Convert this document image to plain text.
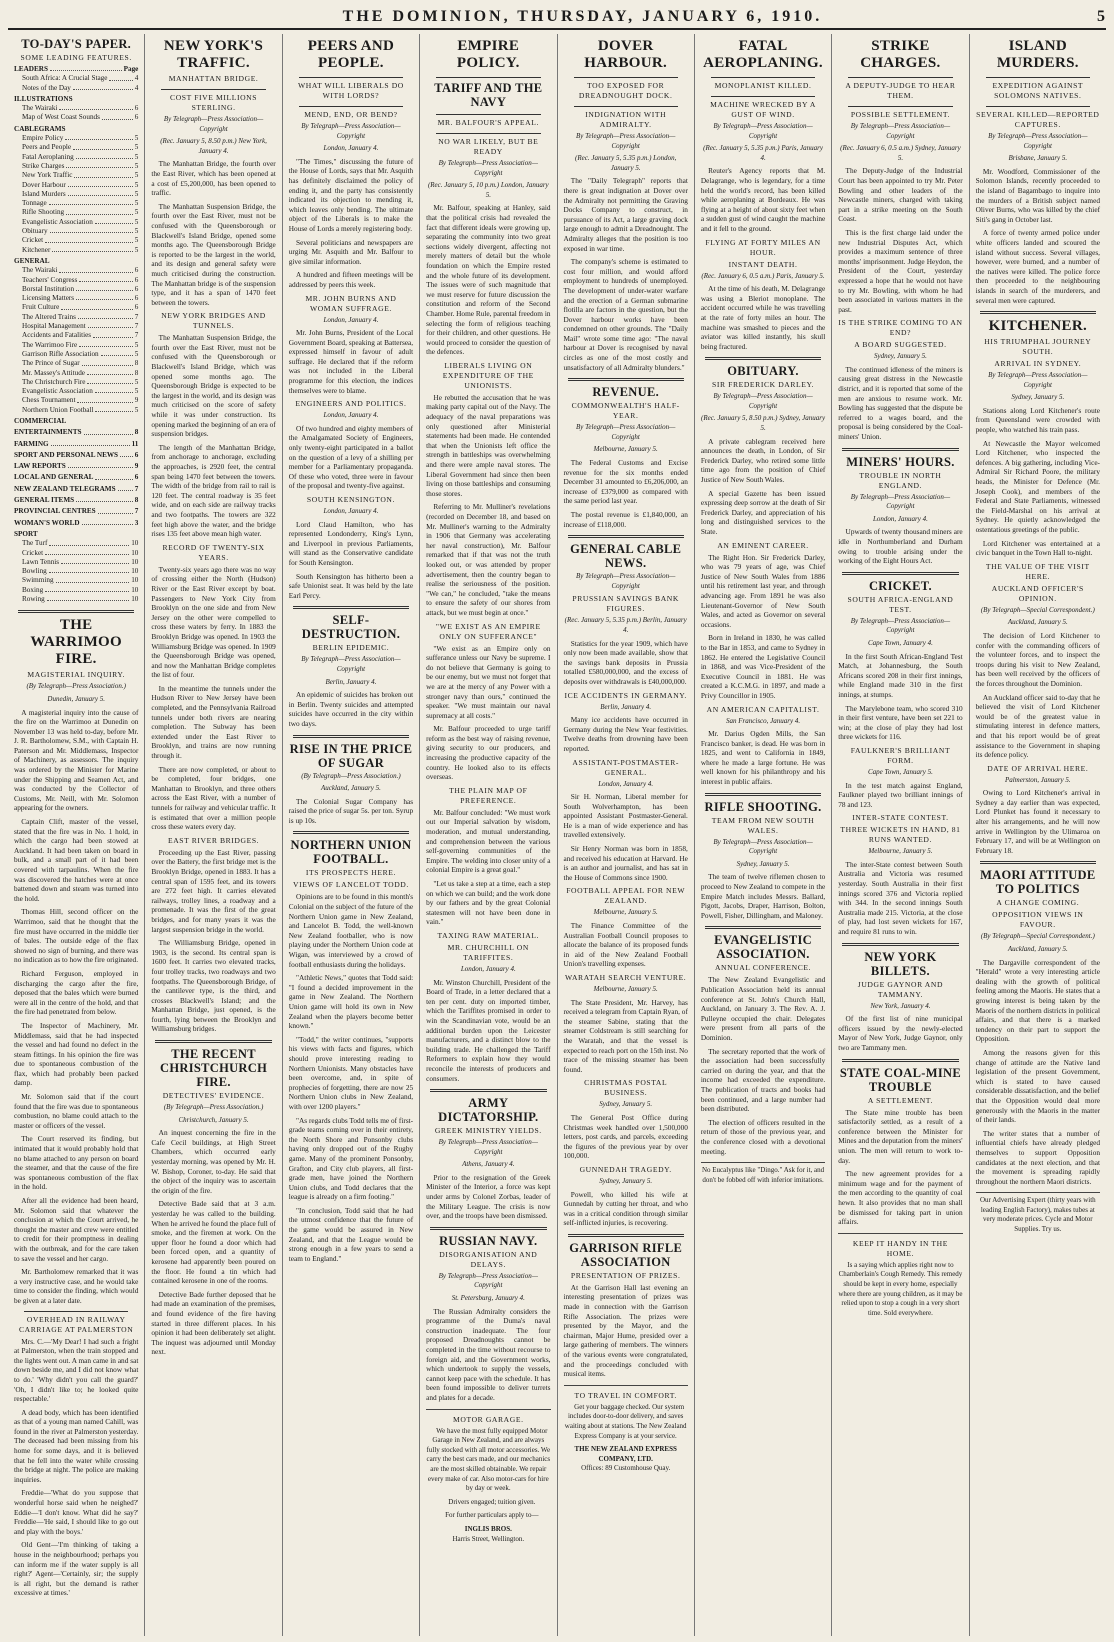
THE DOMINION, THURSDAY, JANUARY 6, 1910.	5
TO-DAY'S PAPER.
SOME LEADING FEATURES.
LEADERS	Page
South Africa: A Crucial Stage	4
Notes of the Day	4
ILLUSTRATIONS
The Wairaki	6
Map of West Coast Sounds	6
CABLEGRAMS
Empire Policy	5
Peers and People	5
Fatal Aeroplaning	5
Strike Charges	5
New York Traffic	5
Dover Harbour	5
Island Murders	5
Tonnage	5
Rifle Shooting	5
Evangelistic Association	5
Obituary	5
Cricket	5
Kitchener	5
GENERAL
The Wairaki	6
Teachers' Congress	6
Borstal Institution	6
Licensing Matters	6
Fruit Culture	6
The Altered Trains	7
Hospital Management	7
Accidents and Fatalities	7
The Warrimoo Fire	5
Garrison Rifle Association	5
The Prince of Sugar	8
Mr. Massey's Attitude	8
The Christchurch Fire	5
Evangelistic Association	5
Chess Tournament	9
Northern Union Football	5
COMMERCIAL
ENTERTAINMENTS	8
FARMING	11
SPORT AND PERSONAL NEWS 6
LAW REPORTS	9
LOCAL AND GENERAL	6
NEW ZEALAND TELEGRAMS	7
GENERAL ITEMS	8
PROVINCIAL CENTRES	7
WOMAN'S WORLD	3
SPORT
The Turf	10
Cricket	10
Lawn Tennis	10
Bowling	10
Swimming	10
Boxing	10
Rowing	10
THE WARRIMOO FIRE.
MAGISTERIAL INQUIRY.
(By Telegraph—Press Association.)
Dunedin, January 5.

 A magisterial inquiry into the cause of the fire on the Warrimoo at Dunedin on November 13 was held to-day, before Mr. J. R. Bartholomew, S.M., with Captain H. Paterson and Mr. Middlemass, Inspector of Machinery, as assessors. The inquiry was ordered by the Minister for Marine under the Shipping and Seamen Act, and was conducted by the Collector of Customs, Mr. Neill, with Mr. Solomon appearing for the owners.

 Captain Clift, master of the vessel, stated that the fire was in No. 1 hold, in which the cargo had been stowed at Auckland. It had been taken on board in bulk, and a small part of it had been covered with tarpaulins. When the fire was discovered the hatches were at once battened down and steam was turned into the hold.

 Thomas Hill, second officer on the Warrimoo, said that he thought that the fire must have occurred in the middle tier of bales. The outside edge of the flax showed no sign of burning, and there was no indication as to how the fire originated.

 Richard Ferguson, employed in discharging the cargo after the fire, deposed that the bales which were burned were all in the centre of the hold, and that the fire had penetrated from below.

 The Inspector of Machinery, Mr. Middlemass, said that he had inspected the vessel and had found no defect in the steam fittings. In his opinion the fire was due to spontaneous combustion of the flax, which had probably been packed damp.

 Mr. Solomon said that if the court found that the fire was due to spontaneous combustion, no blame could attach to the master or officers of the vessel.

 The Court reserved its finding, but intimated that it would probably hold that no blame attached to any person on board the steamer, and that the cause of the fire was spontaneous combustion of the flax in the hold.

 After all the evidence had been heard, Mr. Solomon said that whatever the conclusion at which the Court arrived, he thought the master and crew were entitled to credit for their promptness in dealing with the outbreak, and for the care taken to save the vessel and her cargo.

 Mr. Bartholomew remarked that it was a very instructive case, and he would take time to consider the finding, which would be given at a later date.

OVERHEAD IN RAILWAY CARRIAGE AT PALMERSTON

 Mrs. C.—'My Dear! I had such a fright at Palmerston, when the train stopped and the lights went out. A man came in and sat down beside me, and I did not know what to do.' 'Why didn't you call the guard?' 'Oh, I didn't like to; he looked quite respectable.'

 A dead body, which has been identified as that of a young man named Cahill, was found in the river at Palmerston yesterday. The deceased had been missing from his home for some days, and it is believed that he fell into the water while crossing the bridge at night. The police are making inquiries.

 Freddie—'What do you suppose that wonderful horse said when he neighed?' Eddie—'I don't know. What did he say?' Freddie—'He said, I should like to go out and play with the boys.'

 Old Gent—'I'm thinking of taking a house in the neighbourhood; perhaps you can inform me if the water supply is all right?' Agent—'Certainly, sir; the supply is all right, but the demand is rather excessive at times.'

NEW YORK'S TRAFFIC.
MANHATTAN BRIDGE.
COST FIVE MILLIONS STERLING.
By Telegraph—Press Association—Copyright
(Rec. January 5, 8.50 p.m.) New York, January 4.

 The Manhattan Bridge, the fourth over the East River, which has been opened at a cost of £5,200,000, has been opened to traffic.

 The Manhattan Suspension Bridge, the fourth over the East River, must not be confused with the Queensborough or Blackwell's Island Bridge, opened some months ago. The Queensborough Bridge is reported to be the largest in the world, and its design and general safety were much criticised during the construction. The Manhattan bridge is of the suspension type, and it has a span of 1470 feet between the towers.

NEW YORK BRIDGES AND TUNNELS.

 The Manhattan Suspension Bridge, the fourth over the East River, must not be confused with the Queensborough or Blackwell's Island Bridge, which was opened some months ago. The Queensborough Bridge is expected to be the largest in the world, and its design was much criticised on the score of safety while it was under construction. Its opening marked the beginning of an era of suspension bridges.

 The length of the Manhattan Bridge, from anchorage to anchorage, excluding the approaches, is 2920 feet, the central span being 1470 feet between the towers. The width of the bridge from rail to rail is 120 feet. The central roadway is 35 feet wide, and on each side are railway tracks and two footpaths. The towers are 322 feet high above the water, and the bridge rises 135 feet above mean high water.

RECORD OF TWENTY-SIX YEARS.

 Twenty-six years ago there was no way of crossing either the North (Hudson) River or the East River except by boat. Passengers to New York City from Brooklyn on the one side and from New Jersey on the other were compelled to cross these waters by ferry. In 1883 the Brooklyn Bridge was opened. In 1903 the Williamsburg Bridge was opened. In 1909 the Queensborough Bridge was opened, and now the Manhattan Bridge completes the list of four.

 In the meantime the tunnels under the Hudson River to New Jersey have been completed, and the Pennsylvania Railroad tunnels under both rivers are nearing completion. The Subway has been extended under the East River to Brooklyn, and trains are now running through it.

 There are now completed, or about to be completed, four bridges, one Manhattan to Brooklyn, and three others across the East River, with a number of tunnels for railway and vehicular traffic. It is estimated that over a million people cross these waters every day.

EAST RIVER BRIDGES.

 Proceeding up the East River, passing over the Battery, the first bridge met is the Brooklyn Bridge, opened in 1883. It has a central span of 1595 feet, and its towers are 272 feet high. It carries elevated railways, trolley lines, a roadway and a promenade. It was the first of the great bridges, and for many years it was the largest suspension bridge in the world.

 The Williamsburg Bridge, opened in 1903, is the second. Its central span is 1600 feet. It carries two elevated tracks, four trolley tracks, two roadways and two footpaths. The Queensborough Bridge, of the cantilever type, is the third, and crosses Blackwell's Island; and the Manhattan Bridge, just opened, is the fourth, lying between the Brooklyn and Williamsburg bridges.

THE RECENT CHRISTCHURCH FIRE.
DETECTIVES' EVIDENCE.
(By Telegraph—Press Association.)
Christchurch, January 5.

 An inquest concerning the fire in the Cafe Cecil buildings, at High Street Chambers, which occurred early yesterday morning, was opened by Mr. H. W. Bishop, Coroner, to-day. He said that the object of the inquiry was to ascertain the origin of the fire.

 Detective Bade said that at 3 a.m. yesterday he was called to the building. When he arrived he found the place full of smoke, and the firemen at work. On the upper floor he found a door which had been forced open, and a quantity of kerosene had apparently been poured on the floor. He found a tin which had contained kerosene in one of the rooms.

 Detective Bade further deposed that he had made an examination of the premises, and found evidence of the fire having started in three different places. In his opinion it had been deliberately set alight. The inquest was adjourned until Monday next.

PEERS AND PEOPLE.
WHAT WILL LIBERALS DO WITH LORDS?
MEND, END, OR BEND?
By Telegraph—Press Association—Copyright
London, January 4.

 "The Times," discussing the future of the House of Lords, says that Mr. Asquith has definitely disclaimed the policy of ending it, and the party has consistently indicated its objection to mending it, which leaves only bending. The ultimate object of the Liberals is to make the House of Lords a merely registering body.

 Several politicians and newspapers are urging Mr. Asquith and Mr. Balfour to give similar information.

 A hundred and fifteen meetings will be addressed by peers this week.

MR. JOHN BURNS AND WOMAN SUFFRAGE.
London, January 4.

 Mr. John Burns, President of the Local Government Board, speaking at Battersea, expressed himself in favour of adult suffrage. He declared that if the reform was not included in the Liberal programme for this election, the indices themselves were to blame.

ENGINEERS AND POLITICS.
London, January 4.

 Of two hundred and eighty members of the Amalgamated Society of Engineers, only twenty-eight participated in a ballot on the question of a levy of a shilling per member for a Parliamentary propaganda. Of these who voted, three were in favour of the proposal and twenty-five against.

SOUTH KENSINGTON.
London, January 4.

 Lord Claud Hamilton, who has represented Londonderry, King's Lynn, and Liverpool in previous Parliaments, will stand as the Conservative candidate for South Kensington.

 South Kensington has hitherto been a safe Unionist seat. It was held by the late Earl Percy.

SELF-DESTRUCTION.
BERLIN EPIDEMIC.
By Telegraph—Press Association—Copyright
Berlin, January 4.

 An epidemic of suicides has broken out in Berlin. Twenty suicides and attempted suicides have occurred in the city within two days.

RISE IN THE PRICE OF SUGAR
(By Telegraph—Press Association.)
Auckland, January 5.

 The Colonial Sugar Company has raised the price of sugar 5s. per ton. Syrup is up 10s.

NORTHERN UNION FOOTBALL.
ITS PROSPECTS HERE.
VIEWS OF LANCELOT TODD.

 Opinions are to be found in this month's Colonial on the subject of the future of the Northern Union game in New Zealand, and Lancelot B. Todd, the well-known New Zealand footballer, who is now playing under the Northern Union code at Wigan, was interviewed by a crowd of football enthusiasts during the holidays.

 "Athletic News," quotes that Todd said: "I found a decided improvement in the game in New Zealand. The Northern Union game will hold its own in New Zealand when the players become better known."

 "Todd," the writer continues, "supports his views with facts and figures, which should prove interesting reading to Northern Unionists. Many obstacles have been overcome, and, in spite of prophecies of forgetting, there are now 25 Northern Union clubs in New Zealand, with over 1200 players."

 "As regards clubs Todd tells me of first-grade teams coming over in their entirety, the North Shore and Ponsonby clubs having only dropped out of the Rugby game. Many of the prominent Ponsonby, Grafton, and City club players, all first-grade men, have joined the Northern Union clubs, and Todd declares that the league is already on a firm footing."

 "In conclusion, Todd said that he had the utmost confidence that the future of the game would be assured in New Zealand, and that the League would be strong enough in a few years to send a team to England."

EMPIRE POLICY.
TARIFF AND THE NAVY
MR. BALFOUR'S APPEAL.
NO WAR LIKELY, BUT BE READY
By Telegraph—Press Association—Copyright
(Rec. January 5, 10 p.m.) London, January 5.

 Mr. Balfour, speaking at Hanley, said that the political crisis had revealed the fact that different ideals were growing up, separating the community into two great sections widely divergent, affecting not merely matters of detail but the whole foundation on which the Empire rested and the whole future of its development. The issues were of such magnitude that we must reserve for future discussion the constitution and reform of the Second Chamber. Home Rule, parental freedom in selecting the form of religious teaching for their children, and other questions. He would proceed to consider the question of the defences.

LIBERALS LIVING ON EXPENDITURE OF THE UNIONISTS.

 He rebutted the accusation that he was making party capital out of the Navy. The adequacy of the naval preparations was only questioned after Ministerial statements had been made. He contended that when the Unionists left office the strength in battleships was overwhelming and there were ample naval stores. The Liberal Government had since then been living on those battleships and consuming those stores.

 Referring to Mr. Mulliner's revelations (recorded on December 18, and based on Mr. Mulliner's warning to the Admiralty in 1906 that Germany was accelerating her naval construction), Mr. Balfour remarked that if that was not the truth looked out, or was attended by proper advertisement, then the country began to realise the seriousness of the position. "We can," he concluded, "take the means to ensure the safety of our shores from attack, but we must begin at once."

"WE EXIST AS AN EMPIRE ONLY ON SUFFERANCE"

 "We exist as an Empire only on sufferance unless our Navy be supreme. I do not believe that Germany is going to be our enemy, but we must not forget that we are at the mercy of any Power with a stronger navy than ours," continued the speaker. "We must maintain our naval supremacy at all costs."

 Mr. Balfour proceeded to urge tariff reform as the best way of raising revenue, giving security to our producers, and increasing the productive capacity of the country. He looked also to its effects overseas.

THE PLAIN MAP OF PREFERENCE.

 Mr. Balfour concluded: "We must work out our Imperial salvation by wisdom, moderation, and mutual understanding, and comprehension between the various self-governing communities of the Empire. The welding into closer unity of a colonial Empire is a great goal."

 "Let us take a step at a time, each a step on which we can build; and the work done by our fathers and by the great Colonial statesmen will not have been done in vain."

TAXING RAW MATERIAL.
MR. CHURCHILL ON TARIFFITES.
London, January 4.

 Mr. Winston Churchill, President of the Board of Trade, in a letter declared that a ten per cent. duty on imported timber, which the Tariffites promised in order to win the Scandinavian vote, would be an additional burden upon the Leicester manufacturers, and a distinct blow to the building trade. He challenged the Tariff Reformers to explain how they would reconcile the interests of producers and consumers.

ARMY DICTATORSHIP.
GREEK MINISTRY YIELDS.
By Telegraph—Press Association—Copyright
Athens, January 4.

 Prior to the resignation of the Greek Minister of the Interior, a force was kept under arms by Colonel Zorbas, leader of the Military League. The crisis is now over, and the troops have been dismissed.

RUSSIAN NAVY.
DISORGANISATION AND DELAYS.
By Telegraph—Press Association—Copyright
St. Petersburg, January 4.

 The Russian Admiralty considers the programme of the Duma's naval construction inadequate. The four proposed Dreadnoughts cannot be completed in the time without recourse to foreign aid, and the Government works, which undertook to supply the vessels, cannot keep pace with the schedule. It has been found impossible to deliver turrets and plates for a decade.

MOTOR GARAGE.

 We have the most fully equipped Motor Garage in New Zealand, and are always fully stocked with all motor accessories. We carry the best cars made, and our mechanics are the most skilled obtainable. We repair every make of car. Also motor-cars for hire by day or week.

 Drivers engaged; tuition given.

 For further particulars apply to—

INGLIS BROS.
Harris Street, Wellington.
DOVER HARBOUR.
TOO EXPOSED FOR DREADNOUGHT DOCK.
INDIGNATION WITH ADMIRALTY.
By Telegraph—Press Association—Copyright
(Rec. January 5, 5.35 p.m.) London, January 5.

 The "Daily Telegraph" reports that there is great indignation at Dover over the Admiralty not permitting the Graving Docks Company to construct, in pursuance of its Act, a large graving dock large enough to admit a Dreadnought. The Admiralty alleges that the position is too exposed in war time.

 The company's scheme is estimated to cost four million, and would afford employment to hundreds of unemployed. The development of under-water warfare and the erection of a German submarine flotilla are factors in the question, but the Dover harbour works have been condemned on other grounds. The "Daily Mail" wrote some time ago: "The naval harbour at Dover is recognised by naval circles as one of the most costly and unsatisfactory of all Admiralty blunders."

REVENUE.
COMMONWEALTH'S HALF-YEAR.
By Telegraph—Press Association—Copyright
Melbourne, January 5.

 The Federal Customs and Excise revenue for the six months ended December 31 amounted to £6,206,000, an increase of £379,000 as compared with the same period last year.

 The postal revenue is £1,840,000, an increase of £118,000.

GENERAL CABLE NEWS.
By Telegraph—Press Association—Copyright
PRUSSIAN SAVINGS BANK FIGURES.
(Rec. January 5, 5.35 p.m.) Berlin, January 4.

 Statistics for the year 1909, which have only now been made available, show that the savings bank deposits in Prussia totalled £580,000,000, and the excess of deposits over withdrawals is £40,000,000.

ICE ACCIDENTS IN GERMANY.
Berlin, January 4.

 Many ice accidents have occurred in Germany during the New Year festivities. Twelve deaths from drowning have been reported.

ASSISTANT-POSTMASTER-GENERAL.
London, January 4.

 Sir H. Norman, Liberal member for South Wolverhampton, has been appointed Assistant Postmaster-General. He is a man of wide experience and has travelled extensively.

 Sir Henry Norman was born in 1858, and received his education at Harvard. He is an author and journalist, and has sat in the House of Commons since 1900.

FOOTBALL APPEAL FOR NEW ZEALAND.
Melbourne, January 5.

 The Finance Committee of the Australian Football Council proposes to allocate the balance of its proposed funds in aid of the New Zealand Football Union's travelling expenses.

WARATAH SEARCH VENTURE.
Melbourne, January 5.

 The State President, Mr. Harvey, has received a telegram from Captain Ryan, of the steamer Sabine, stating that the steamer Coldstream is still searching for the Waratah, and that the vessel is expected to reach port on the 15th inst. No trace of the missing steamer has been found.

CHRISTMAS POSTAL BUSINESS.
Sydney, January 5.

 The General Post Office during Christmas week handled over 1,500,000 letters, post cards, and parcels, exceeding the figures of the previous year by over 100,000.

GUNNEDAH TRAGEDY.
Sydney, January 5.

 Powell, who killed his wife at Gunnedah by cutting her throat, and who was in a critical condition through similar self-inflicted injuries, is recovering.

GARRISON RIFLE ASSOCIATION
PRESENTATION OF PRIZES.

 At the Garrison Hall last evening an interesting presentation of prizes was made in connection with the Garrison Rifle Association. The prizes were presented by the Mayor, and the chairman, Major Hume, presided over a large gathering of members. The winners of the various events were congratulated, and the proceedings concluded with musical items.

TO TRAVEL IN COMFORT.

 Get your baggage checked. Our system includes door-to-door delivery, and saves waiting about at stations. The New Zealand Express Company is at your service.

THE NEW ZEALAND EXPRESS COMPANY, LTD.
Offices: 89 Customhouse Quay.
FATAL AEROPLANING.
MONOPLANIST KILLED.
MACHINE WRECKED BY A GUST OF WIND.
By Telegraph—Press Association—Copyright
(Rec. January 5, 5.35 p.m.) Paris, January 4.

 Reuter's Agency reports that M. Delagrange, who is legendary, for a time held the world's record, has been killed while aeroplaning at Bordeaux. He was flying at a height of about sixty feet when a sudden gust of wind caught the machine and it fell to the ground.

FLYING AT FORTY MILES AN HOUR.
INSTANT DEATH.
(Rec. January 6, 0.5 a.m.) Paris, January 5.

 At the time of his death, M. Delagrange was using a Bleriot monoplane. The accident occurred while he was travelling at the rate of forty miles an hour. The machine was smashed to pieces and the aviator was killed instantly, his skull being fractured.

OBITUARY.
SIR FREDERICK DARLEY.
By Telegraph—Press Association—Copyright
(Rec. January 5, 8.50 p.m.) Sydney, January 5.

 A private cablegram received here announces the death, in London, of Sir Frederick Darley, who retired some little time ago from the position of Chief Justice of New South Wales.

 A special Gazette has been issued expressing deep sorrow at the death of Sir Frederick Darley, and appreciation of his long and distinguished services to the State.

AN EMINENT CAREER.

 The Right Hon. Sir Frederick Darley, who was 79 years of age, was Chief Justice of New South Wales from 1886 until his retirement last year, and through advancing age. From 1891 he was also Lieutenant-Governor of New South Wales, and acted as Governor on several occasions.

 Born in Ireland in 1830, he was called to the Bar in 1853, and came to Sydney in 1862. He entered the Legislative Council in 1868, and was Vice-President of the Executive Council in 1881. He was created a K.C.M.G. in 1897, and made a Privy Councillor in 1905.

AN AMERICAN CAPITALIST.
San Francisco, January 4.

 Mr. Darius Ogden Mills, the San Francisco banker, is dead. He was born in 1825, and went to California in 1849, where he made a large fortune. He was well known for his philanthropy and his interest in public affairs.

RIFLE SHOOTING.
TEAM FROM NEW SOUTH WALES.
By Telegraph—Press Association—Copyright
Sydney, January 5.

 The team of twelve riflemen chosen to proceed to New Zealand to compete in the Empire Match includes Messrs. Ballard, Pigott, Jacobs, Draper, Harrison, Bolton, Powell, Fisher, Dillingham, and Maloney.

EVANGELISTIC ASSOCIATION.
ANNUAL CONFERENCE.

 The New Zealand Evangelistic and Publication Association held its annual conference at St. John's Church Hall, Auckland, on January 3. The Rev. A. J. Pulleyne occupied the chair. Delegates were present from all parts of the Dominion.

 The secretary reported that the work of the association had been successfully carried on during the year, and that the income had exceeded the expenditure. The publication of tracts and books had been continued, and a large number had been distributed.

 The election of officers resulted in the return of those of the previous year, and the conference closed with a devotional meeting.

No Eucalyptus like "Dingo." Ask for it, and don't be fobbed off with inferior imitations.
STRIKE CHARGES.
A DEPUTY-JUDGE TO HEAR THEM.
POSSIBLE SETTLEMENT.
By Telegraph—Press Association—Copyright
(Rec. January 6, 0.5 a.m.) Sydney, January 5.

 The Deputy-Judge of the Industrial Court has been appointed to try Mr. Peter Bowling and other leaders of the Newcastle miners, charged with taking part in a strike meeting on the South Coast.

 This is the first charge laid under the new Industrial Disputes Act, which provides a maximum sentence of three months' imprisonment. Judge Heydon, the President of the Court, yesterday expressed a hope that he would not have to try Mr. Bowling, with whom he had been associated in various matters in the past.

IS THE STRIKE COMING TO AN END?
A BOARD SUGGESTED.
Sydney, January 5.

 The continued idleness of the miners is causing great distress in the Newcastle district, and it is reported that some of the men are anxious to resume work. Mr. Bowling has suggested that the dispute be referred to a wages board, and the proposal is being considered by the Coal-miners' Union.

MINERS' HOURS.
TROUBLE IN NORTH ENGLAND.
By Telegraph—Press Association—Copyright
London, January 4.

 Upwards of twenty thousand miners are idle in Northumberland and Durham owing to trouble arising under the working of the Eight Hours Act.

CRICKET.
SOUTH AFRICA-ENGLAND TEST.
By Telegraph—Press Association—Copyright
Cape Town, January 4.

 In the first South African-England Test Match, at Johannesburg, the South Africans scored 208 in their first innings, while England made 310 in the first innings, at stumps.

 The Marylebone team, who scored 310 in their first venture, have been set 221 to win; at the close of play they had lost three wickets for 116.

FAULKNER'S BRILLIANT FORM.
Cape Town, January 5.

 In the test match against England, Faulkner played two brilliant innings of 78 and 123.

INTER-STATE CONTEST.
THREE WICKETS IN HAND, 81 RUNS WANTED.
Melbourne, January 5.

 The inter-State contest between South Australia and Victoria was resumed yesterday. South Australia in their first innings scored 376 and Victoria replied with 344. In the second innings South Australia made 215. Victoria, at the close of play, had lost seven wickets for 167, and require 81 runs to win.

NEW YORK BILLETS.
JUDGE GAYNOR AND TAMMANY.
New York, January 4.

 Of the first list of nine municipal officers issued by the newly-elected Mayor of New York, Judge Gaynor, only two are Tammany men.

STATE COAL-MINE TROUBLE
A SETTLEMENT.

 The State mine trouble has been satisfactorily settled, as a result of a conference between the Minister for Mines and the deputation from the miners' union. The men will return to work to-day.

 The new agreement provides for a minimum wage and for the payment of the men according to the quantity of coal hewn. It also provides that no man shall be dismissed for taking part in union affairs.

KEEP IT HANDY IN THE HOME.
Is a saying which applies right now to Chamberlain's Cough Remedy. This remedy should be kept in every home, especially where there are young children, as it may be relied upon to stop a cough in a very short time. Sold everywhere.
ISLAND MURDERS.
EXPEDITION AGAINST SOLOMONS NATIVES.
SEVERAL KILLED—REPORTED CAPTURES.
By Telegraph—Press Association—Copyright
Brisbane, January 5.

 Mr. Woodford, Commissioner of the Solomon Islands, recently proceeded to the island of Bagambago to inquire into the murders of a British subject named Oliver Burns, who was killed by the chief Siti's gang in October last.

 A force of twenty armed police under white officers landed and scoured the island without success. Several villages, however, were burned, and a number of the natives were killed. The police force then proceeded to the neighbouring islands in search of the murderers, and several men were captured.

KITCHENER.
HIS TRIUMPHAL JOURNEY SOUTH.
ARRIVAL IN SYDNEY.
By Telegraph—Press Association—Copyright
Sydney, January 5.

 Stations along Lord Kitchener's route from Queensland were crowded with people, who watched his train pass.

 At Newcastle the Mayor welcomed Lord Kitchener, who inspected the defences. A big gathering, including Vice-Admiral Sir Richard Poore, the military heads, the Minister for Defence (Mr. Joseph Cook), and members of the Federal and State Parliaments, witnessed the Field-Marshal on his arrival at Sydney. He quietly acknowledged the ostentatious greetings of the public.

 Lord Kitchener was entertained at a civic banquet in the Town Hall to-night.

THE VALUE OF THE VISIT HERE.
AUCKLAND OFFICER'S OPINION.
(By Telegraph—Special Correspondent.)
Auckland, January 5.

 The decision of Lord Kitchener to confer with the commanding officers of the volunteer forces, and to inspect the troops during his visit to New Zealand, has been well received by the officers of the forces throughout the Dominion.

 An Auckland officer said to-day that he believed the visit of Lord Kitchener would be of the greatest value in stimulating interest in defence matters, and that his report would be of great assistance to the Government in shaping its defence policy.

DATE OF ARRIVAL HERE.
Palmerston, January 5.

 Owing to Lord Kitchener's arrival in Sydney a day earlier than was expected, Lord Plunket has found it necessary to alter his arrangements, and he will now arrive in Wellington by the Ulimaroa on February 17, and will be at Wellington on February 18.

MAORI ATTITUDE TO POLITICS
A CHANGE COMING.
OPPOSITION VIEWS IN FAVOUR.
(By Telegraph—Special Correspondent.)
Auckland, January 5.

 The Dargaville correspondent of the "Herald" wrote a very interesting article dealing with the growth of political feeling among the Maoris. He states that a growing interest is being taken by the Maoris of the northern districts in political affairs, and that there is a marked tendency on their part to support the Opposition.

 Among the reasons given for this change of attitude are the Native land legislation of the present Government, which is stated to have caused considerable dissatisfaction, and the belief that the Opposition would deal more generously with the Maoris in the matter of their lands.

 The writer states that a number of influential chiefs have already pledged themselves to support Opposition candidates at the next election, and that the movement is spreading rapidly throughout the northern Maori districts.

Our Advertising Expert (thirty years with leading English Factory), makes tubes at very moderate prices. Cycle and Motor Supplies. Try us.
